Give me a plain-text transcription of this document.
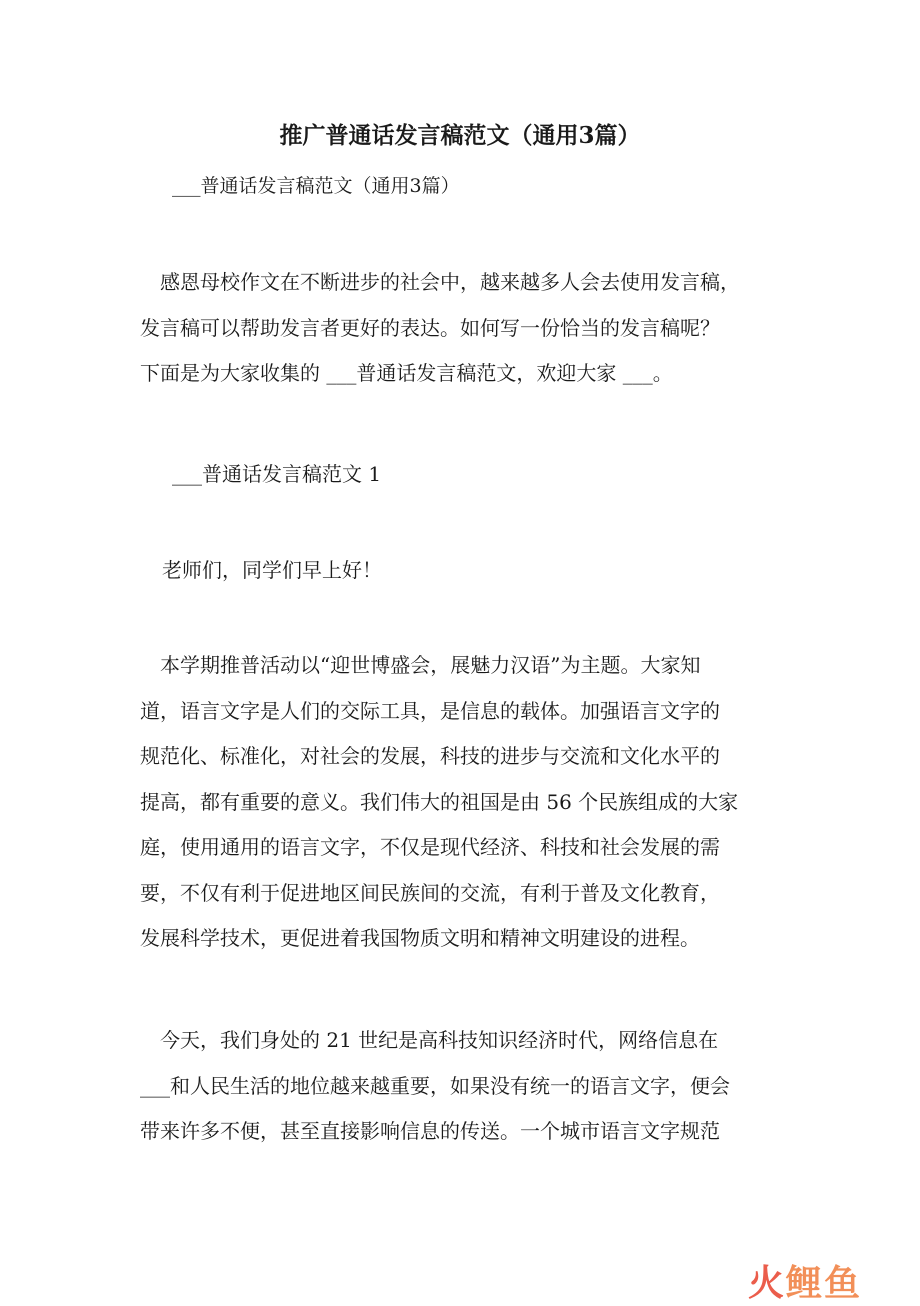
推广普通话发言稿范文（通用3篇）
___普通话发言稿范文（通用3篇）
　感恩母校作文在不断进步的社会中，越来越多人会去使用发言稿，
发言稿可以帮助发言者更好的表达。如何写一份恰当的发言稿呢？
下面是为大家收集的 ___普通话发言稿范文，欢迎大家 ___。
___普通话发言稿范文 1
老师们，同学们早上好！
　本学期推普活动以“迎世博盛会，展魅力汉语”为主题。大家知
道，语言文字是人们的交际工具，是信息的载体。加强语言文字的
规范化、标准化，对社会的发展，科技的进步与交流和文化水平的
提高，都有重要的意义。我们伟大的祖国是由 56 个民族组成的大家
庭，使用通用的语言文字，不仅是现代经济、科技和社会发展的需
要，不仅有利于促进地区间民族间的交流，有利于普及文化教育，
发展科学技术，更促进着我国物质文明和精神文明建设的进程。
　今天，我们身处的 21 世纪是高科技知识经济时代，网络信息在
___和人民生活的地位越来越重要，如果没有统一的语言文字，便会
带来许多不便，甚至直接影响信息的传送。一个城市语言文字规范
火 鲤鱼
